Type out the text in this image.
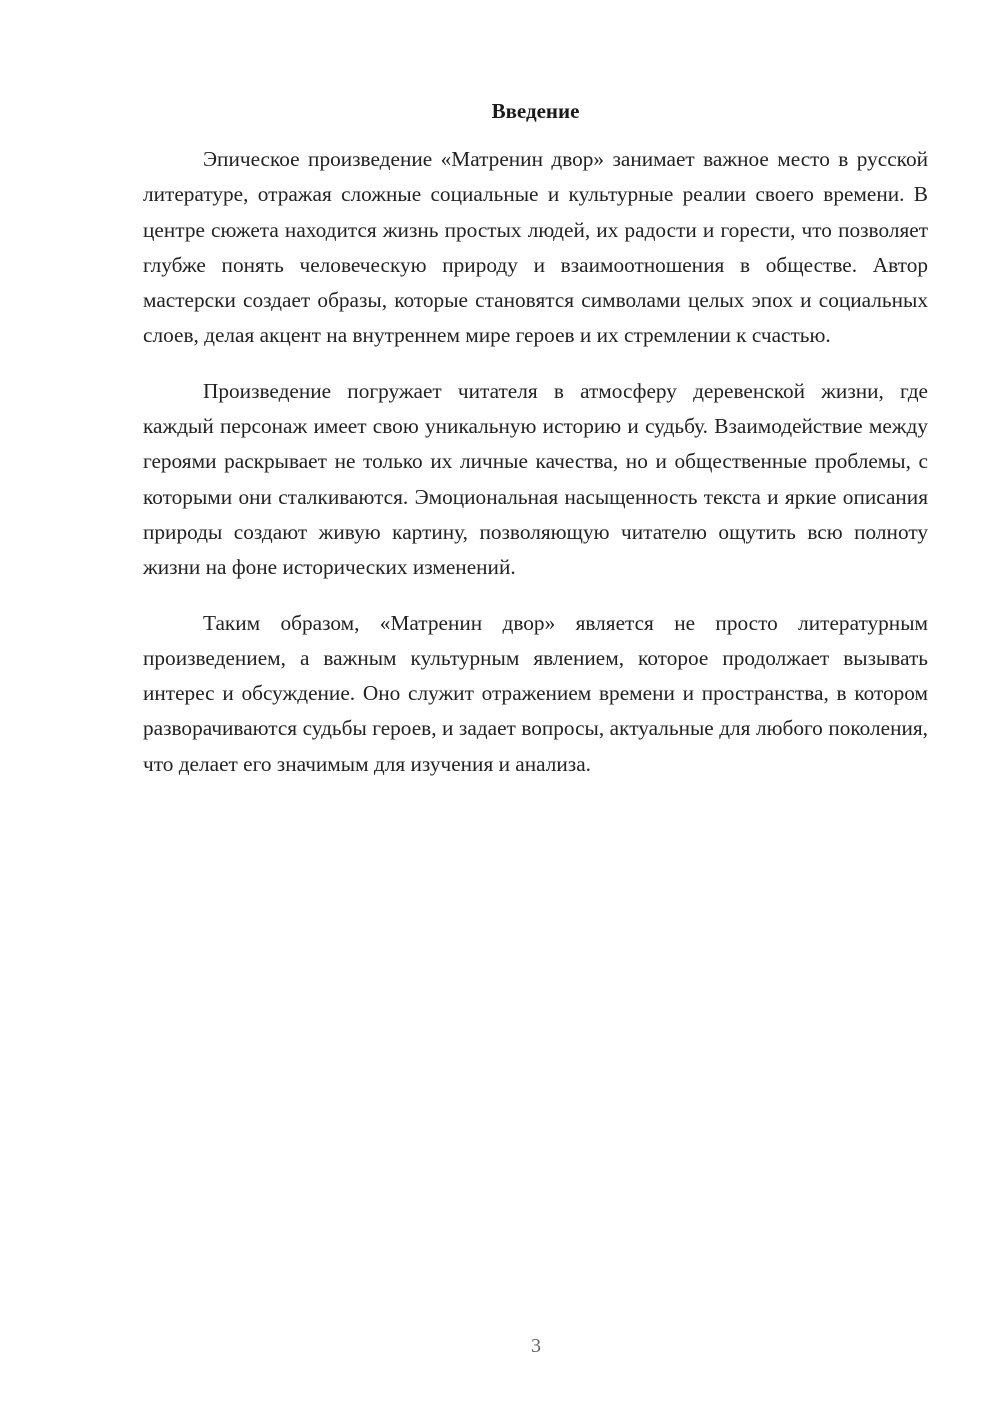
Введение

Эпическое произведение «Матренин двор» занимает важное место в русской литературе, отражая сложные социальные и культурные реалии своего времени. В центре сюжета находится жизнь простых людей, их радости и горести, что позволяет глубже понять человеческую природу и взаимоотношения в обществе. Автор мастерски создает образы, которые становятся символами целых эпох и социальных слоев, делая акцент на внутреннем мире героев и их стремлении к счастью.

Произведение погружает читателя в атмосферу деревенской жизни, где каждый персонаж имеет свою уникальную историю и судьбу. Взаимодействие между героями раскрывает не только их личные качества, но и общественные проблемы, с которыми они сталкиваются. Эмоциональная насыщенность текста и яркие описания природы создают живую картину, позволяющую читателю ощутить всю полноту жизни на фоне исторических изменений.

Таким образом, «Матренин двор» является не просто литературным произведением, а важным культурным явлением, которое продолжает вызывать интерес и обсуждение. Оно служит отражением времени и пространства, в котором разворачиваются судьбы героев, и задает вопросы, актуальные для любого поколения, что делает его значимым для изучения и анализа.

3
